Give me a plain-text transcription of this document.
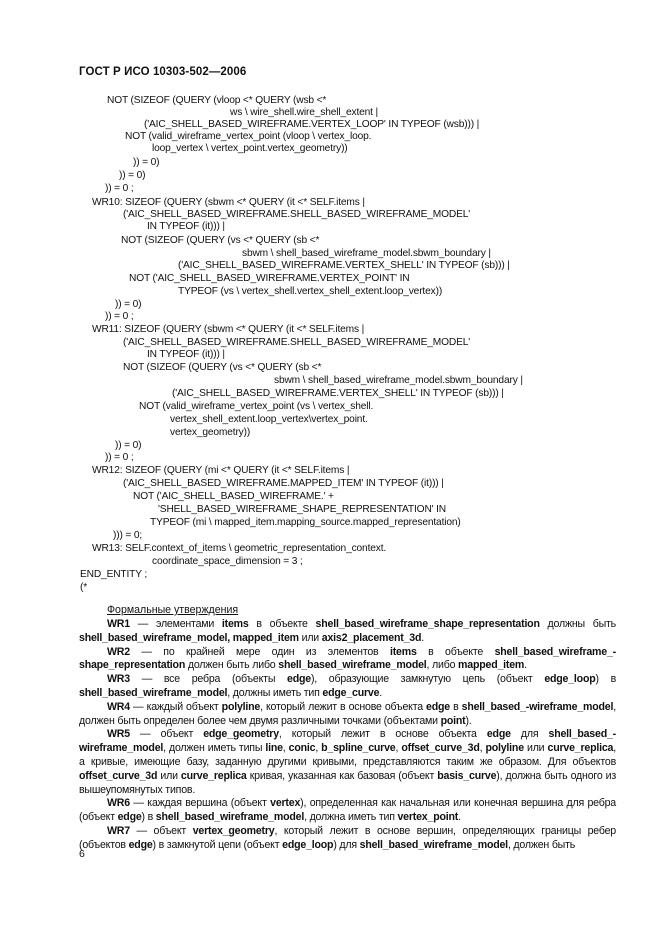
ГОСТ Р ИСО 10303-502—2006
NOT (SIZEOF (QUERY (vloop <* QUERY (wsb <*
ws \ wire_shell.wire_shell_extent |
('AIC_SHELL_BASED_WIREFRAME.VERTEX_LOOP' IN TYPEOF (wsb))) |
NOT (valid_wireframe_vertex_point (vloop \ vertex_loop.
loop_vertex \ vertex_point.vertex_geometry))
)) = 0)
)) = 0)
)) = 0 ;
WR10: SIZEOF (QUERY (sbwm <* QUERY (it <* SELF.items |
('AIC_SHELL_BASED_WIREFRAME.SHELL_BASED_WIREFRAME_MODEL'
IN TYPEOF (it))) |
NOT (SIZEOF (QUERY (vs <* QUERY (sb <*
sbwm \ shell_based_wireframe_model.sbwm_boundary |
('AIC_SHELL_BASED_WIREFRAME.VERTEX_SHELL' IN TYPEOF (sb))) |
NOT ('AIC_SHELL_BASED_WIREFRAME.VERTEX_POINT' IN
TYPEOF (vs \ vertex_shell.vertex_shell_extent.loop_vertex))
)) = 0)
)) = 0 ;
WR11: SIZEOF (QUERY (sbwm <* QUERY (it <* SELF.items |
('AIC_SHELL_BASED_WIREFRAME.SHELL_BASED_WIREFRAME_MODEL'
IN TYPEOF (it))) |
NOT (SIZEOF (QUERY (vs <* QUERY (sb <*
sbwm \ shell_based_wireframe_model.sbwm_boundary |
('AIC_SHELL_BASED_WIREFRAME.VERTEX_SHELL' IN TYPEOF (sb))) |
NOT (valid_wireframe_vertex_point (vs \ vertex_shell.
vertex_shell_extent.loop_vertex\vertex_point.
vertex_geometry))
)) = 0)
)) = 0 ;
WR12: SIZEOF (QUERY (mi <* QUERY (it <* SELF.items |
('AIC_SHELL_BASED_WIREFRAME.MAPPED_ITEM' IN TYPEOF (it))) |
NOT ('AIC_SHELL_BASED_WIREFRAME.' +
'SHELL_BASED_WIREFRAME_SHAPE_REPRESENTATION' IN
TYPEOF (mi \ mapped_item.mapping_source.mapped_representation)
))) = 0;
WR13: SELF.context_of_items \ geometric_representation_context.
coordinate_space_dimension = 3 ;
END_ENTITY ;
(*
Формальные утверждения

WR1 — элементами items в объекте shell_based_wireframe_shape_representation должны быть shell_based_wireframe_model, mapped_item или axis2_placement_3d.

WR2 — по крайней мере один из элементов items в объекте shell_based_wireframe_-shape_representation должен быть либо shell_based_wireframe_model, либо mapped_item.

WR3 — все ребра (объекты edge), образующие замкнутую цепь (объект edge_loop) в shell_based_wireframe_model, должны иметь тип edge_curve.

WR4 — каждый объект polyline, который лежит в основе объекта edge в shell_based_-wireframe_model, должен быть определен более чем двумя различными точками (объектами point).

WR5 — объект edge_geometry, который лежит в основе объекта edge для shell_based_-wireframe_model, должен иметь типы line, conic, b_spline_curve, offset_curve_3d, polyline или curve_replica, а кривые, имеющие базу, заданную другими кривыми, представляются таким же образом. Для объектов offset_curve_3d или curve_replica кривая, указанная как базовая (объект basis_curve), должна быть одного из вышеупомянутых типов.

WR6 — каждая вершина (объект vertex), определенная как начальная или конечная вершина для ребра (объект edge) в shell_based_wireframe_model, должна иметь тип vertex_point.

WR7 — объект vertex_geometry, который лежит в основе вершин, определяющих границы ребер (объектов edge) в замкнутой цепи (объект edge_loop) для shell_based_wireframe_model, должен быть

6
